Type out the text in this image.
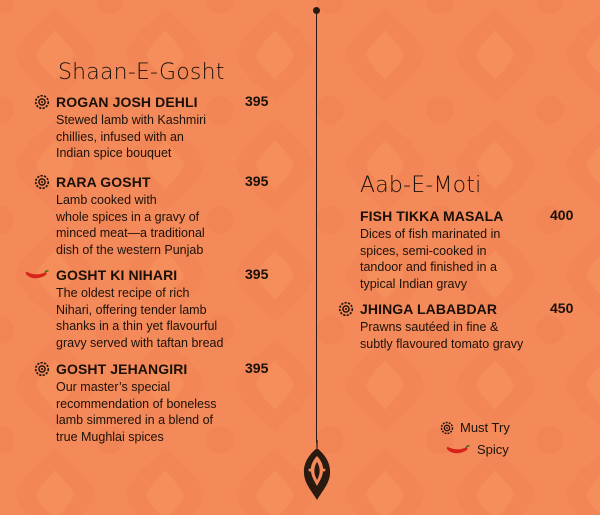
Shaan-E-Gosht
ROGAN JOSH DEHLI	395
Stewed lamb with Kashmiri
chillies, infused with an
Indian spice bouquet
RARA GOSHT	395
Lamb cooked with
whole spices in a gravy of
minced meat—a traditional
dish of the western Punjab
GOSHT KI NIHARI	395
The oldest recipe of rich
Nihari, offering tender lamb
shanks in a thin yet flavourful
gravy served with taftan bread
GOSHT JEHANGIRI	395
Our master’s special
recommendation of boneless
lamb simmered in a blend of
true Mughlai spices
Aab-E-Moti
FISH TIKKA MASALA	400
Dices of fish marinated in
spices, semi-cooked in
tandoor and finished in a
typical Indian gravy
JHINGA LABABDAR	450
Prawns sautéed in fine &
subtly flavoured tomato gravy
Must Try
Spicy
